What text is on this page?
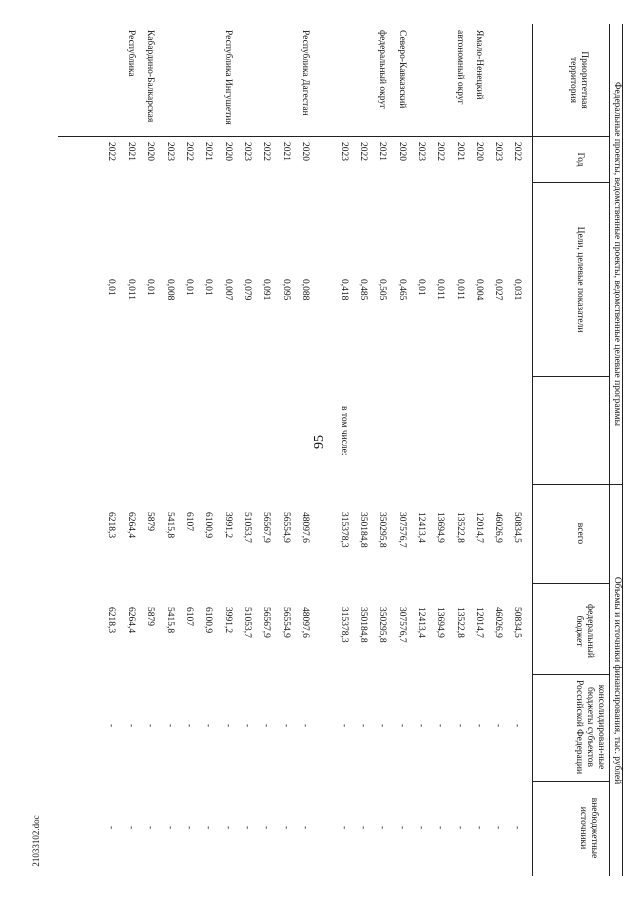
95
21033102.doc
Федеральные проекты, ведомственные проекты, ведомственные целевые программы
Объемы и источники финансирования, тыс. рублей
Приоритетная территория
Год
Цели, целевые показатели
всего
федеральный бюджет
консолидирован-ные бюджеты субъектов Российской Федерации
внебюджетные источники
в том числе:
2022
0,031
50834,5
50834,5
-
-
2023
0,027
46026,9
46026,9
-
-
Ямало-Ненецкий
2020
0,004
12014,7
12014,7
-
-
автономный округ
2021
0,011
13522,8
13522,8
-
-
2022
0,011
13694,9
13694,9
-
-
2023
0,01
12413,4
12413,4
-
-
Северо-Кавказский
2020
0,465
307576,7
307576,7
-
-
федеральный округ
2021
0,505
350295,8
350295,8
-
-
2022
0,485
350184,8
350184,8
-
-
2023
0,418
315378,3
315378,3
-
-
Республика Дагестан
2020
0,088
48097,6
48097,6
-
-
2021
0,095
56554,9
56554,9
-
-
2022
0,091
56567,9
56567,9
-
-
2023
0,079
51053,7
51053,7
-
-
Республика Ингушетия
2020
0,007
3991,2
3991,2
-
-
2021
0,01
6100,9
6100,9
-
-
2022
0,01
6107
6107
-
-
2023
0,008
5415,8
5415,8
-
-
Кабардино-Балкарская
2020
0,01
5879
5879
-
-
Республика
2021
0,011
6264,4
6264,4
-
-
2022
0,01
6218,3
6218,3
-
-
